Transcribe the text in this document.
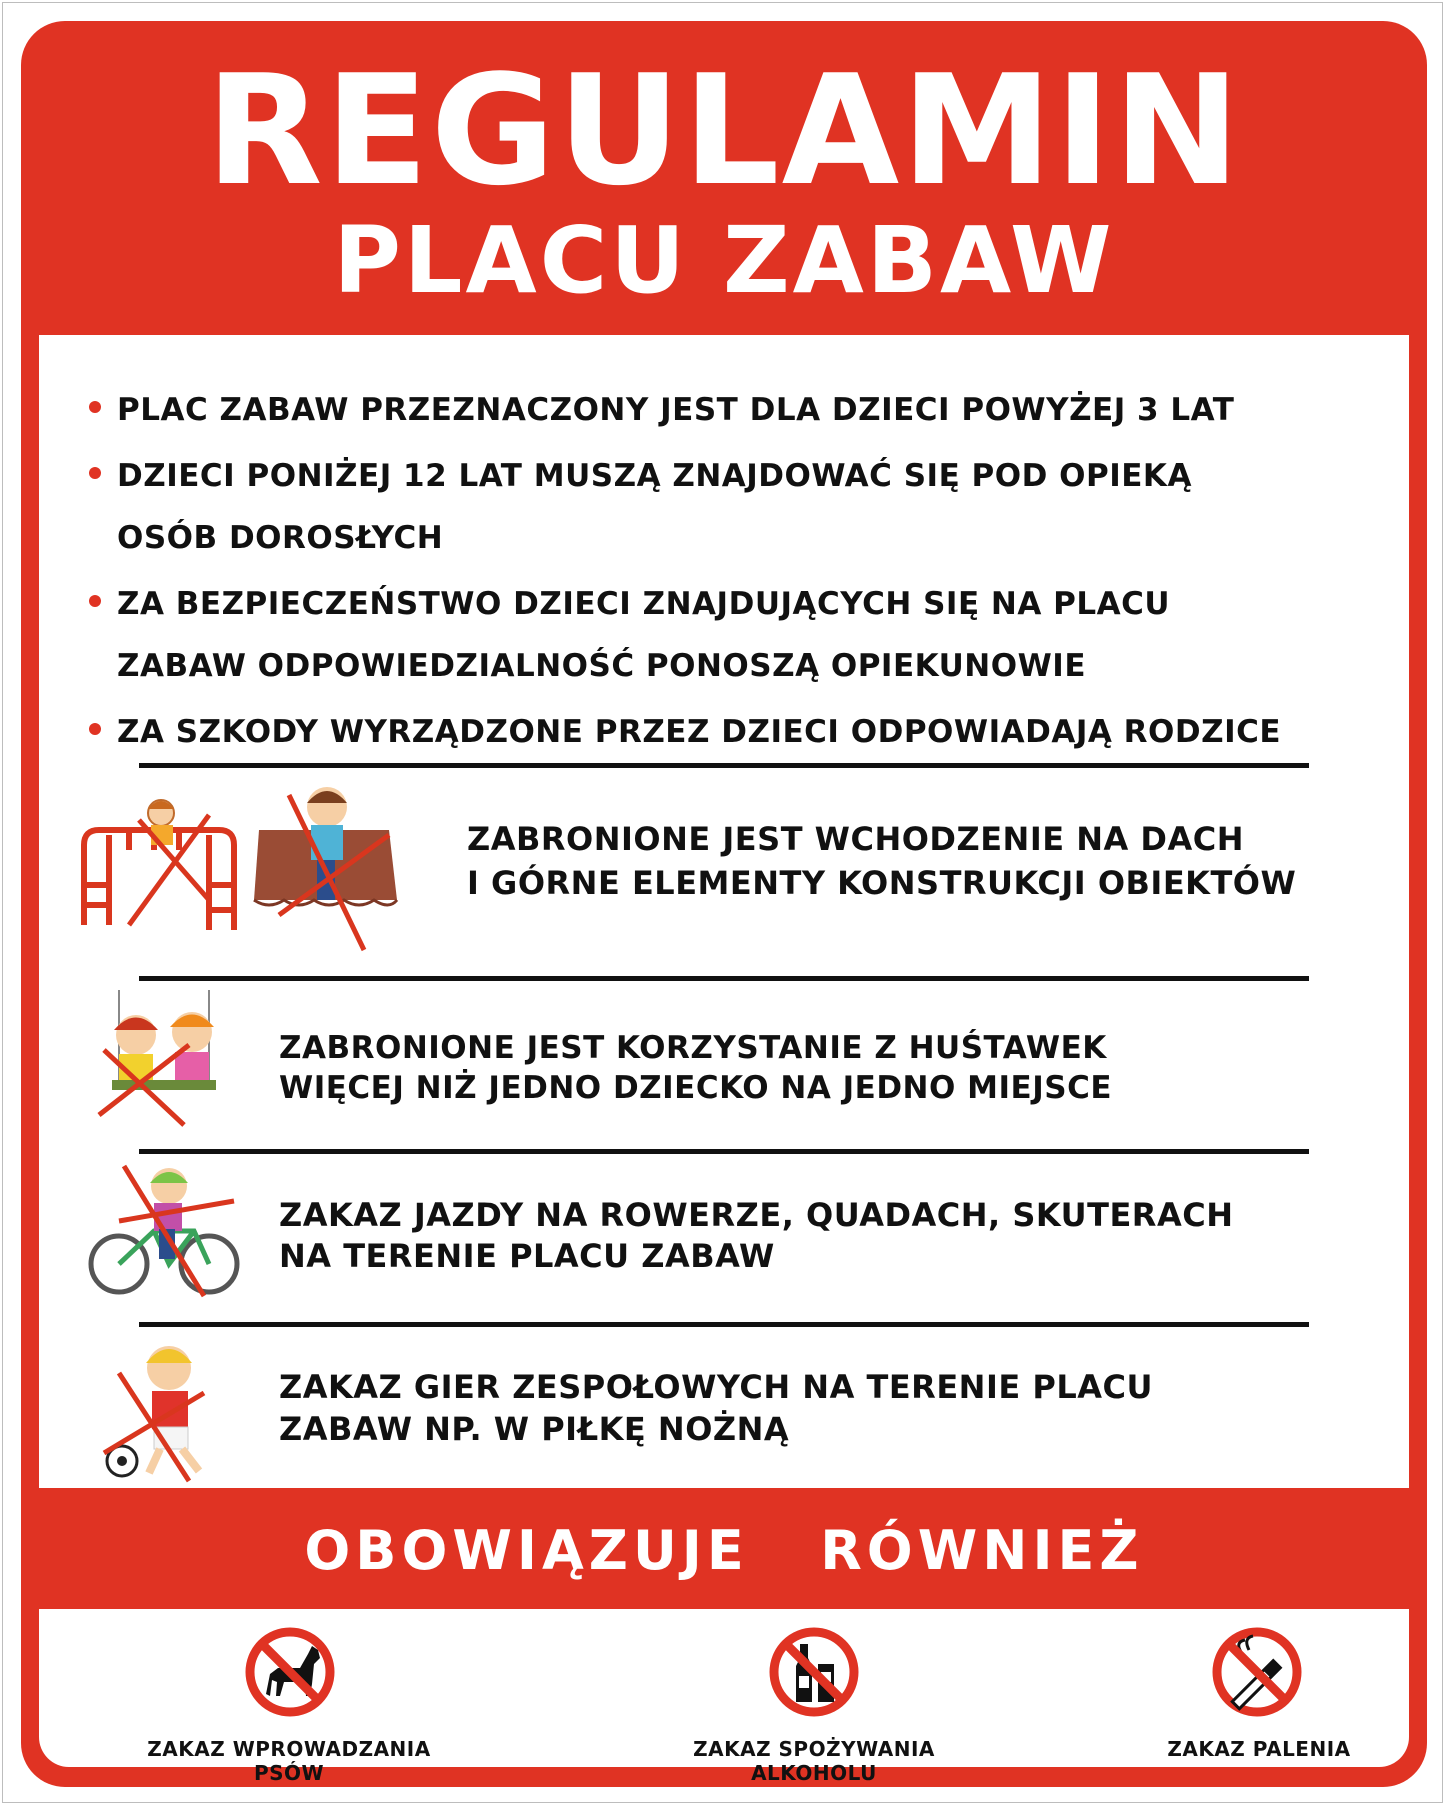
REGULAMIN
PLACU ZABAW
PLAC ZABAW PRZEZNACZONY JEST DLA DZIECI POWYŻEJ 3 LAT
DZIECI PONIŻEJ 12 LAT MUSZĄ ZNAJDOWAĆ SIĘ POD OPIEKĄ
OSÓB DOROSŁYCH
ZA BEZPIECZEŃSTWO DZIECI ZNAJDUJĄCYCH SIĘ NA PLACU
ZABAW ODPOWIEDZIALNOŚĆ PONOSZĄ OPIEKUNOWIE
ZA SZKODY WYRZĄDZONE PRZEZ DZIECI ODPOWIADAJĄ RODZICE
ZABRONIONE JEST WCHODZENIE NA DACH
I GÓRNE ELEMENTY KONSTRUKCJI OBIEKTÓW
ZABRONIONE JEST KORZYSTANIE Z HUŚTAWEK
WIĘCEJ NIŻ JEDNO DZIECKO NA JEDNO MIEJSCE
ZAKAZ JAZDY NA ROWERZE, QUADACH, SKUTERACH
NA TERENIE PLACU ZABAW
ZAKAZ GIER ZESPOŁOWYCH NA TERENIE PLACU
ZABAW NP. W PIŁKĘ NOŻNĄ
OBOWIĄZUJE RÓWNIEŻ
ZAKAZ WPROWADZANIA PSÓW
ZAKAZ SPOŻYWANIA ALKOHOLU
ZAKAZ PALENIA
